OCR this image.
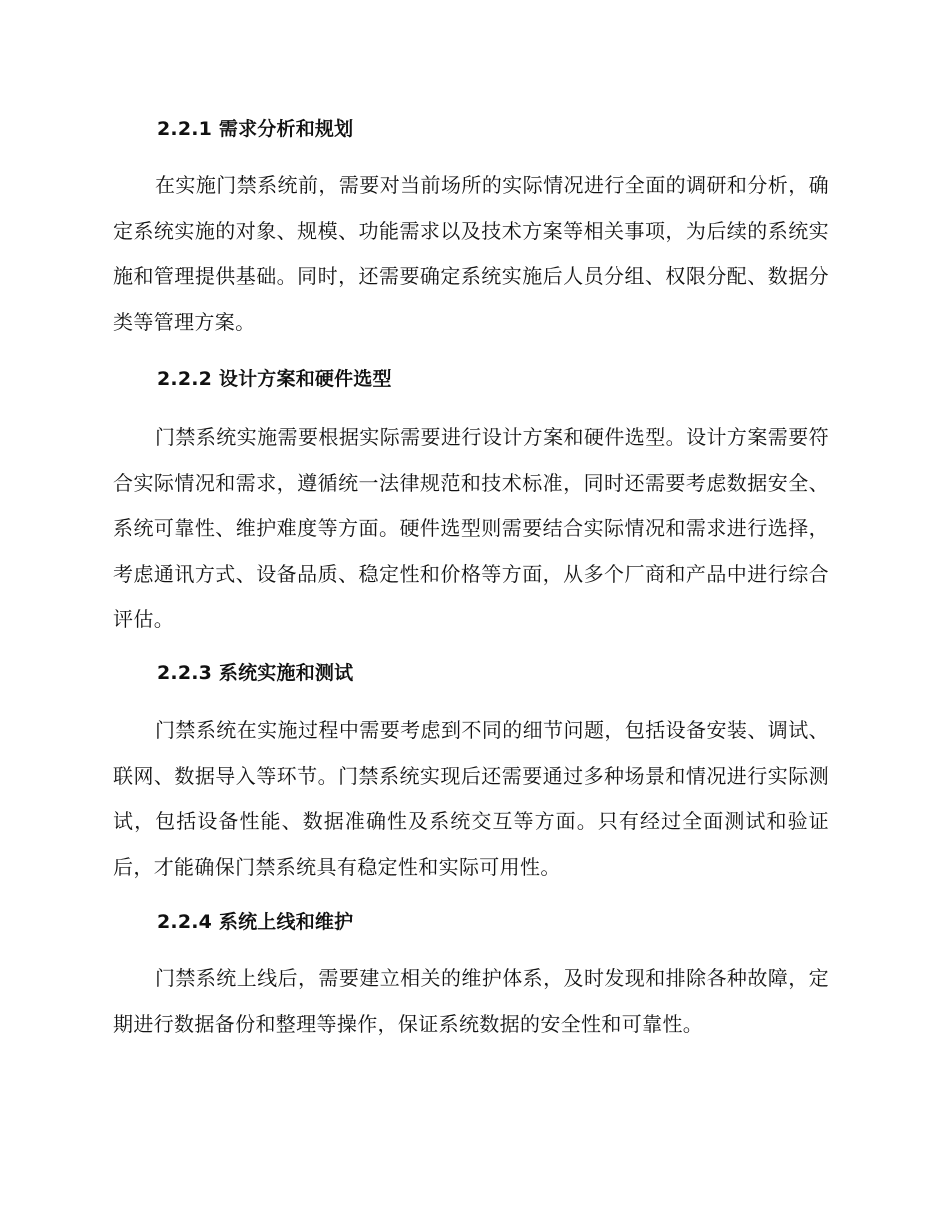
2.2.1 需求分析和规划

在实施门禁系统前，需要对当前场所的实际情况进行全面的调研和分析，确定系统实施的对象、规模、功能需求以及技术方案等相关事项，为后续的系统实施和管理提供基础。同时，还需要确定系统实施后人员分组、权限分配、数据分类等管理方案。

2.2.2 设计方案和硬件选型

门禁系统实施需要根据实际需要进行设计方案和硬件选型。设计方案需要符合实际情况和需求，遵循统一法律规范和技术标准，同时还需要考虑数据安全、系统可靠性、维护难度等方面。硬件选型则需要结合实际情况和需求进行选择，考虑通讯方式、设备品质、稳定性和价格等方面，从多个厂商和产品中进行综合评估。

2.2.3 系统实施和测试

门禁系统在实施过程中需要考虑到不同的细节问题，包括设备安装、调试、联网、数据导入等环节。门禁系统实现后还需要通过多种场景和情况进行实际测试，包括设备性能、数据准确性及系统交互等方面。只有经过全面测试和验证后，才能确保门禁系统具有稳定性和实际可用性。

2.2.4 系统上线和维护

门禁系统上线后，需要建立相关的维护体系，及时发现和排除各种故障，定期进行数据备份和整理等操作，保证系统数据的安全性和可靠性。
